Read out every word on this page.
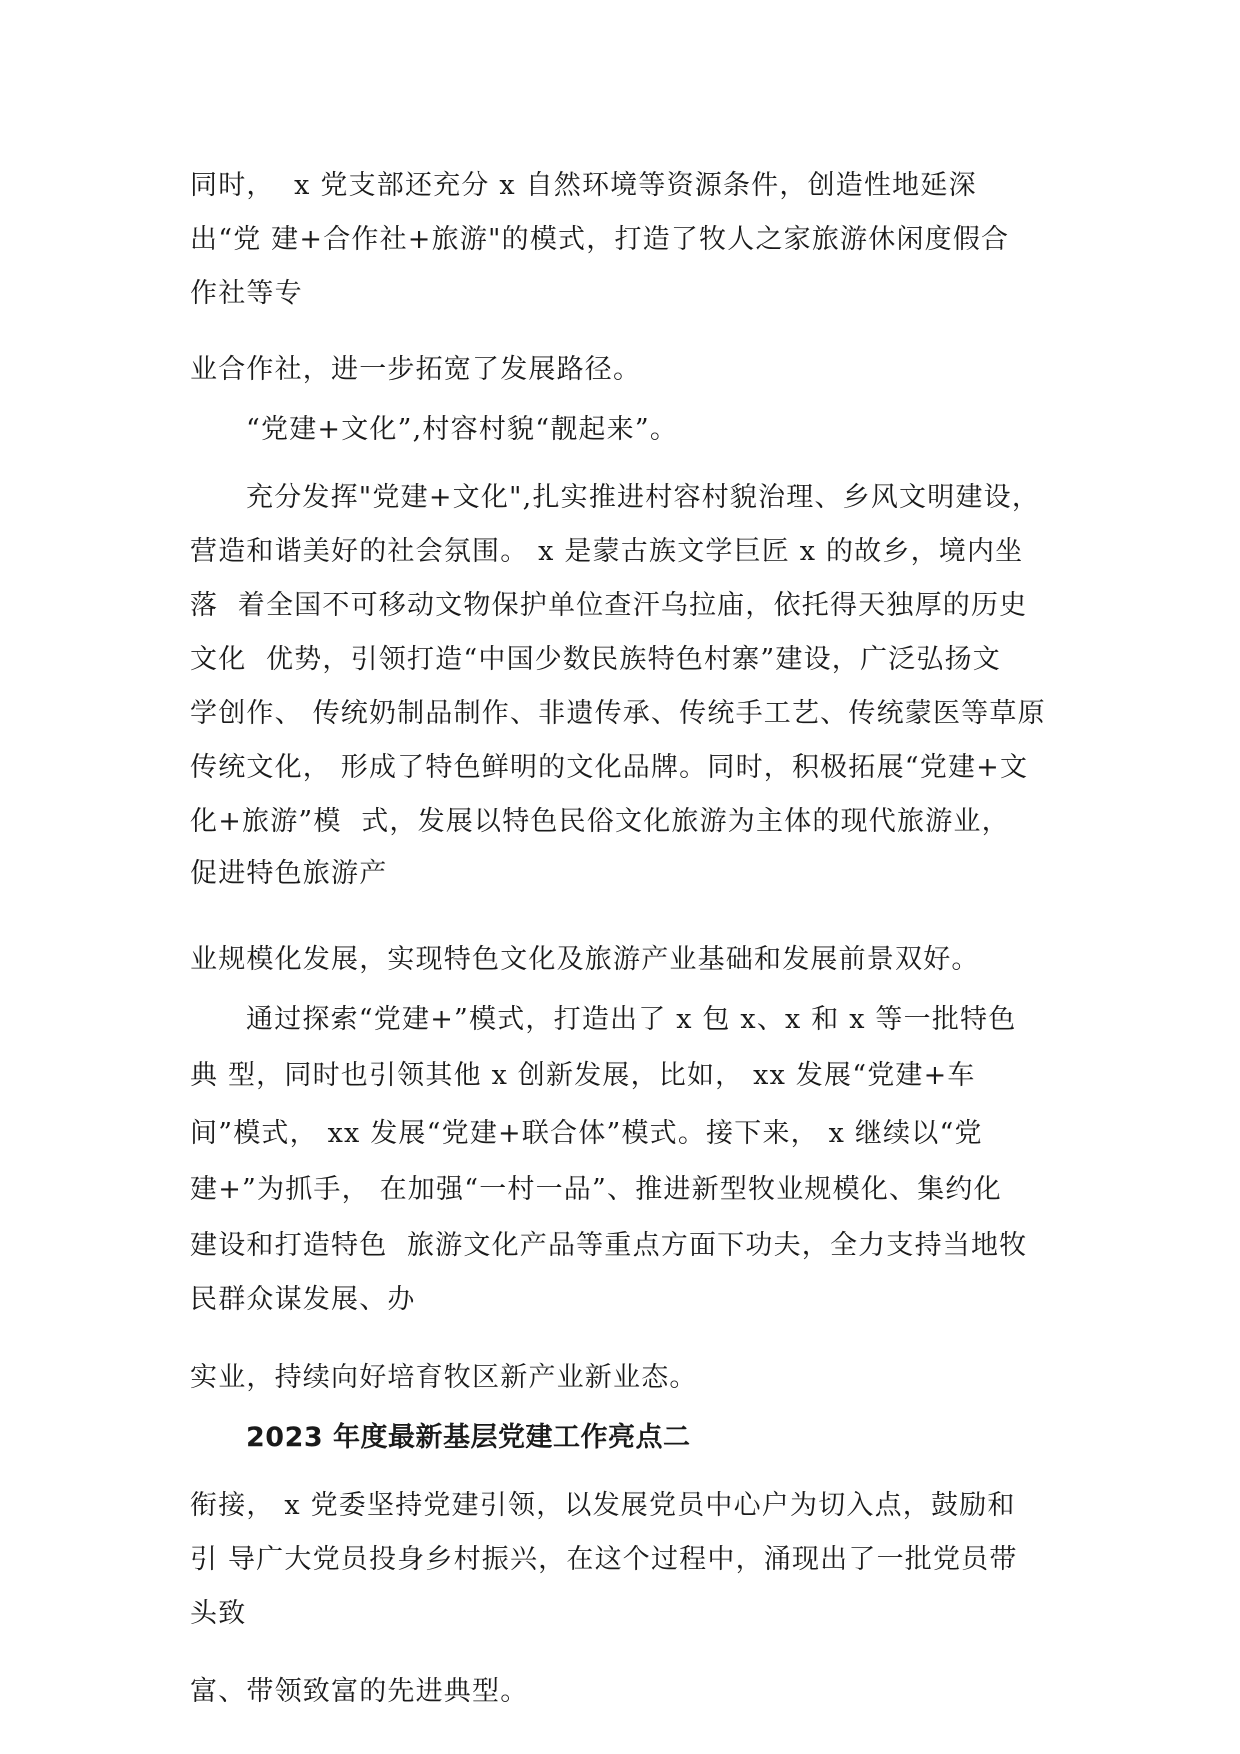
同时，  x 党支部还充分 x 自然环境等资源条件，创造性地延深

出“党 建+合作社+旅游"的模式，打造了牧人之家旅游休闲度假合

作社等专

业合作社，进一步拓宽了发展路径。

“党建+文化”,村容村貌“靓起来”。

充分发挥"党建+文化",扎实推进村容村貌治理、乡风文明建设，

营造和谐美好的社会氛围。 x 是蒙古族文学巨匠 x 的故乡，境内坐

落  着全国不可移动文物保护单位查汗乌拉庙，依托得天独厚的历史

文化  优势，引领打造“中国少数民族特色村寨”建设，广泛弘扬文

学创作、 传统奶制品制作、非遗传承、传统手工艺、传统蒙医等草原

传统文化， 形成了特色鲜明的文化品牌。同时，积极拓展“党建+文

化+旅游”模  式，发展以特色民俗文化旅游为主体的现代旅游业，

促进特色旅游产

业规模化发展，实现特色文化及旅游产业基础和发展前景双好。

通过探索“党建+”模式，打造出了 x 包 x、x 和 x 等一批特色

典 型，同时也引领其他 x 创新发展，比如， xx 发展“党建+车

间”模式， xx 发展“党建+联合体”模式。接下来， x 继续以“党

建+”为抓手， 在加强“一村一品”、推进新型牧业规模化、集约化

建设和打造特色  旅游文化产品等重点方面下功夫，全力支持当地牧

民群众谋发展、办

实业，持续向好培育牧区新产业新业态。

2023 年度最新基层党建工作亮点二

衔接， x 党委坚持党建引领，以发展党员中心户为切入点，鼓励和

引 导广大党员投身乡村振兴，在这个过程中，涌现出了一批党员带

头致

富、带领致富的先进典型。
